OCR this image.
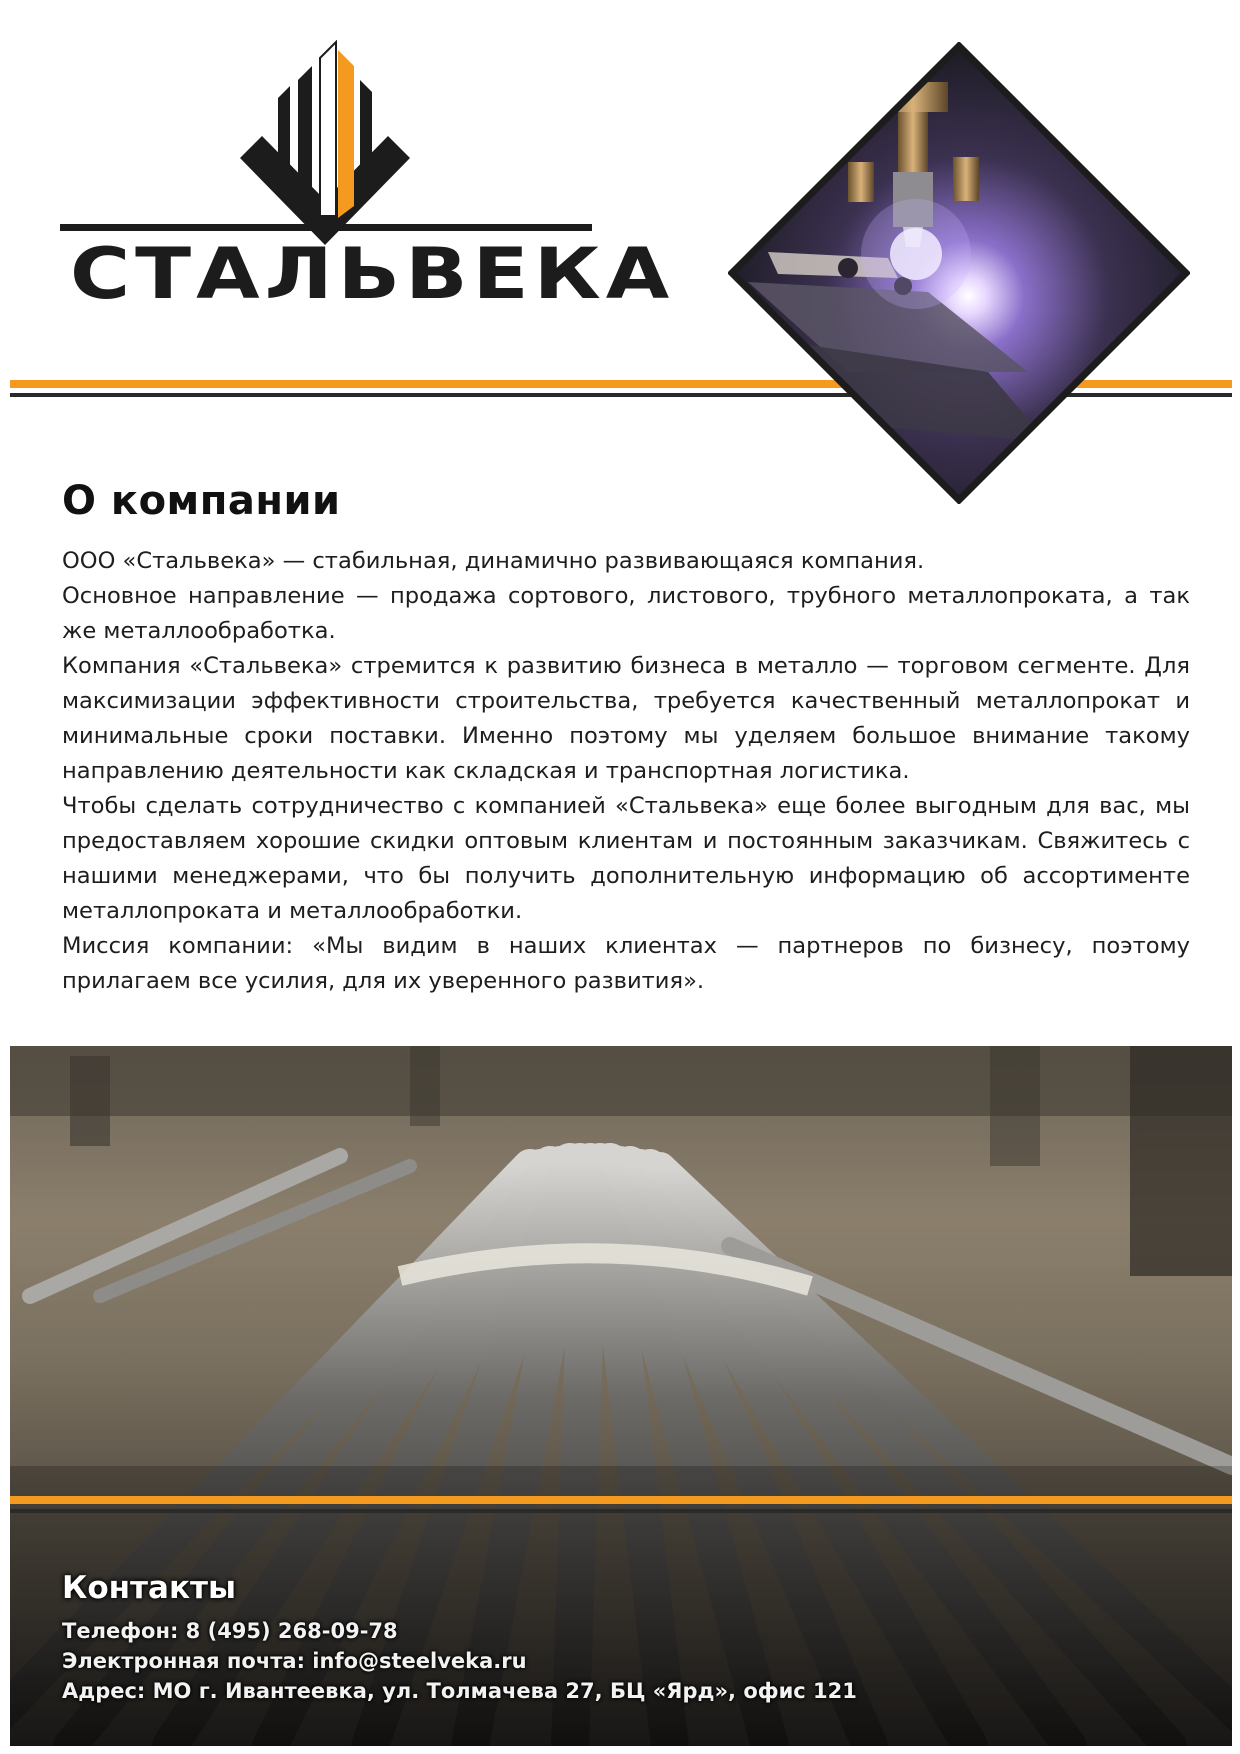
СТАЛЬВЕКА
О компании

ООО «Стальвека» — стабильная, динамично развивающаяся компания.

Основное направление — продажа сортового, листового, трубного металлопроката, а так же металлообработка.

Компания «Стальвека» стремится к развитию бизнеса в металло — торговом сегменте. Для максимизации эффективности строительства, требуется качественный металлопрокат и минимальные сроки поставки. Именно поэтому мы уделяем большое внимание такому направлению деятельности как складская и транспортная логистика.

Чтобы сделать сотрудничество с компанией «Стальвека» еще более выгодным для вас, мы предоставляем хорошие скидки оптовым клиентам и постоянным заказчикам. Свяжитесь с нашими менеджерами, что бы получить дополнительную информацию об ассортименте металлопроката и металлообработки.

Миссия компании: «Мы видим в наших клиентах — партнеров по бизнесу, поэтому прилагаем все усилия, для их уверенного развития».

Контакты
Телефон: 8 (495) 268-09-78
Электронная почта: info@steelveka.ru
Адрес: МО г. Ивантеевка, ул. Толмачева 27, БЦ «Ярд», офис 121
